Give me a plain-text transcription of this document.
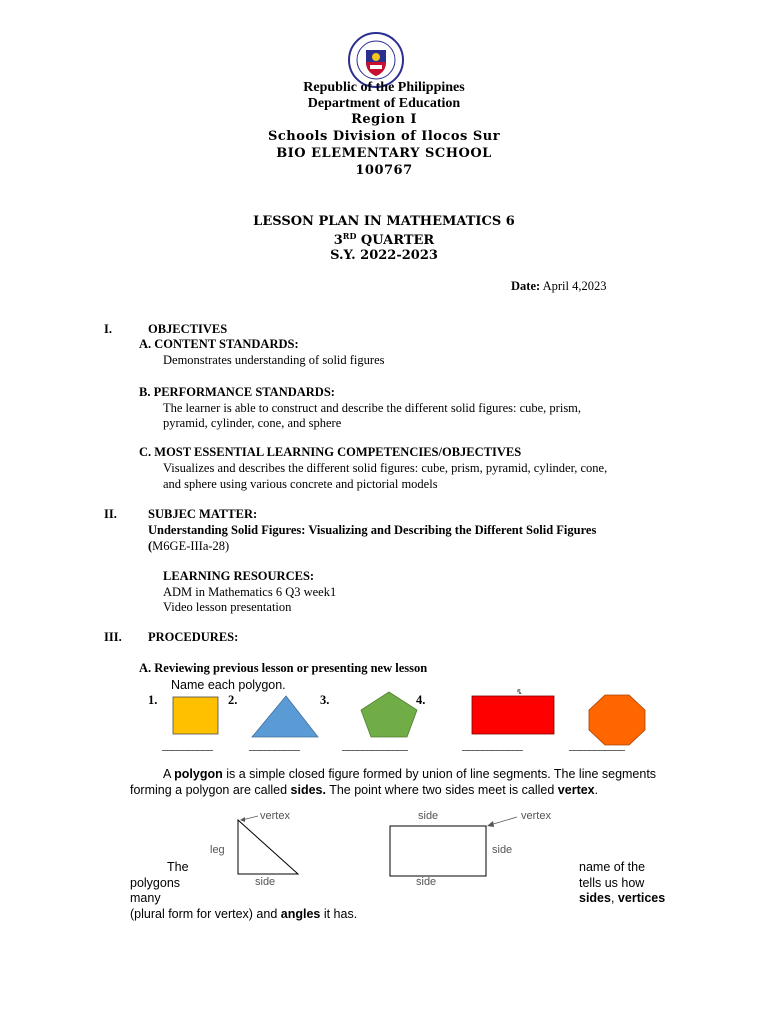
Republic of the Philippines
Department of Education
Region I
Schools Division of Ilocos Sur
BIO ELEMENTARY SCHOOL
100767
LESSON PLAN IN MATHEMATICS 6
3RD QUARTER
S.Y. 2022-2023
Date: April 4,2023
I.	OBJECTIVES
A. CONTENT STANDARDS:
Demonstrates understanding of solid figures
B. PERFORMANCE STANDARDS:
The learner is able to construct and describe the different solid figures: cube, prism,
pyramid, cylinder, cone, and sphere
C. MOST ESSENTIAL LEARNING COMPETENCIES/OBJECTIVES
Visualizes and describes the different solid figures: cube, prism, pyramid, cylinder, cone,
and sphere using various concrete and pictorial models
II. SUBJEC MATTER:
Understanding Solid Figures: Visualizing and Describing the Different Solid Figures
(M6GE-IIIa-28)
LEARNING RESOURCES:
ADM in Mathematics 6 Q3 week1
Video lesson presentation
III. PROCEDURES:
A. Reviewing previous lesson or presenting new lesson
Name each polygon.
1.	2.	3.	4.
5.
__________	__________	_____________	____________	___________
A polygon is a simple closed figure formed by union of line segments. The line segments
forming a polygon are called sides. The point where two sides meet is called vertex.
vertex
leg
side
side	vertex
side
side
The
polygons
many
name of the
tells us how
sides, vertices
(plural form for vertex) and angles it has.
